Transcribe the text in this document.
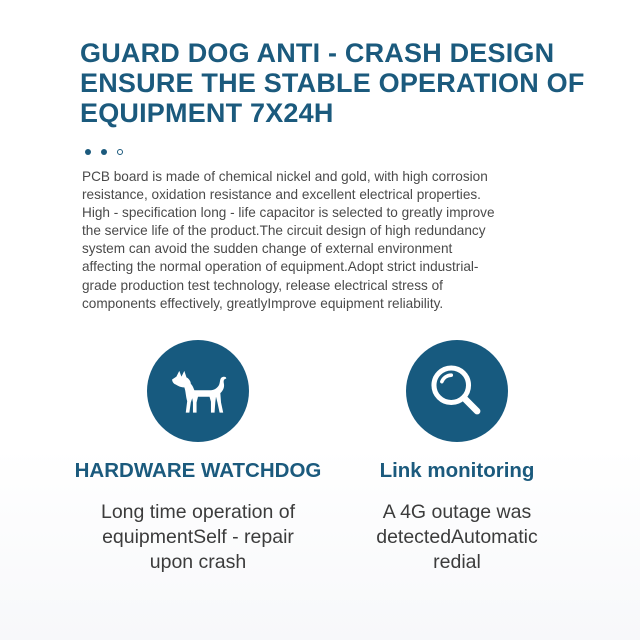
GUARD DOG ANTI - CRASH DESIGN
ENSURE THE STABLE OPERATION OF
EQUIPMENT 7X24H
PCB board is made of chemical nickel and gold, with high corrosion
resistance, oxidation resistance and excellent electrical properties.
High - specification long - life capacitor is selected to greatly improve
the service life of the product.The circuit design of high redundancy
system can avoid the sudden change of external environment
affecting the normal operation of equipment.Adopt strict industrial-
grade production test technology, release electrical stress of
components effectively, greatlyImprove equipment reliability.
HARDWARE WATCHDOG
Long time operation of
equipmentSelf - repair
upon crash
Link monitoring
A 4G outage was
detectedAutomatic
redial
